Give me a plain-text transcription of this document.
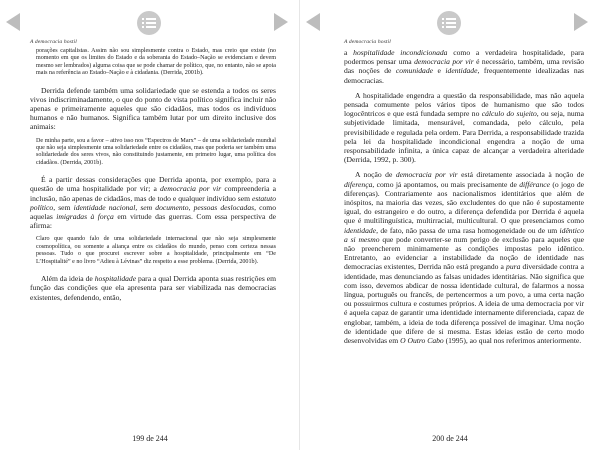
A democracia hostil

porações capitalistas. Assim não sou simplesmente contra o Estado, mas creio que existe (no momento em que os limites do Estado e da soberania do Estado–Nação se evidenciam e devem mesmo ser lembrados) alguma coisa que se pode chamar de político, que, no entanto, não se apoia mais na referência ao Estado–Nação e à cidadania. (Derrida, 2001b).

Derrida defende também uma solidariedade que se estenda a todos os seres vivos indiscriminadamente, o que do ponto de vista político significa incluir não apenas e primeiramente aqueles que são cidadãos, mas todos os indivíduos humanos e não humanos. Significa também lutar por um direito inclusive dos animais:

De minha parte, sou a favor – ativo isso nos “Espectros de Marx” – de uma solidariedade mundial que não seja simplesmente uma solidariedade entre os cidadãos, mas que poderia ser também uma solidariedade dos seres vivos, não constituindo justamente, em primeiro lugar, uma política dos cidadãos. (Derrida, 2001b).

É a partir dessas considerações que Derrida aponta, por exemplo, para a questão de uma hospitalidade por vir; a democracia por vir compreenderia a inclusão, não apenas de cidadãos, mas de todo e qualquer indivíduo sem estatuto político, sem identidade nacional, sem documento, pessoas deslocadas, como aquelas imigradas à força em virtude das guerras. Com essa perspectiva de afirma:

Claro que quando falo de uma solidariedade internacional que não seja simplesmente cosmopolítica, ou somente a aliança entre os cidadãos do mundo, penso com certeza nessas pessoas. Tudo o que procurei escrever sobre a hospitalidade, principalmente em “De L’Hospitalité” e no livro “Adieu à Lévinas” diz respeito a esse problema. (Derrida, 2001b).

Além da ideia de hospitalidade para a qual Derrida aponta suas restrições em função das condições que ela apresenta para ser viabilizada nas democracias existentes, defendendo, então,

199 de 244
A democracia hostil

a hospitalidade incondicionada como a verdadeira hospitalidade, para podermos pensar uma democracia por vir é necessário, também, uma revisão das noções de comunidade e identidade, frequentemente idealizadas nas democracias.

A hospitalidade engendra a questão da responsabilidade, mas não aquela pensada comumente pelos vários tipos de humanismo que são todos logocêntricos e que está fundada sempre no cálculo do sujeito, ou seja, numa subjetividade limitada, mensurável, comandada, pelo cálculo, pela previsibilidade e regulada pela ordem. Para Derrida, a responsabilidade trazida pela lei da hospitalidade incondicional engendra a noção de uma responsabilidade infinita, a única capaz de alcançar a verdadeira alteridade (Derrida, 1992, p. 300).

A noção de democracia por vir está diretamente associada à noção de diferença, como já apontamos, ou mais precisamente de différance (o jogo de diferenças). Contrariamente aos nacionalismos identitários que além de inóspitos, na maioria das vezes, são excludentes do que não é supostamente igual, do estrangeiro e do outro, a diferença defendida por Derrida é aquela que é multilinguística, multirracial, multicultural. O que presenciamos como identidade, de fato, não passa de uma rasa homogeneidade ou de um idêntico a si mesmo que pode converter-se num perigo de exclusão para aqueles que não preencherem minimamente as condições impostas pelo idêntico. Entretanto, ao evidenciar a instabilidade da noção de identidade nas democracias existentes, Derrida não está pregando a pura diversidade contra a identidade, mas denunciando as falsas unidades identitárias. Não significa que com isso, devemos abdicar de nossa identidade cultural, de falarmos a nossa língua, português ou francês, de pertencermos a um povo, a uma certa nação ou possuirmos cultura e costumes próprios. A ideia de uma democracia por vir é aquela capaz de garantir uma identidade internamente diferenciada, capaz de englobar, também, a ideia de toda diferença possível de imaginar. Uma noção de identidade que difere de si mesma. Estas ideias estão de certo modo desenvolvidas em O Outro Cabo (1995), ao qual nos referimos anteriormente.

200 de 244
